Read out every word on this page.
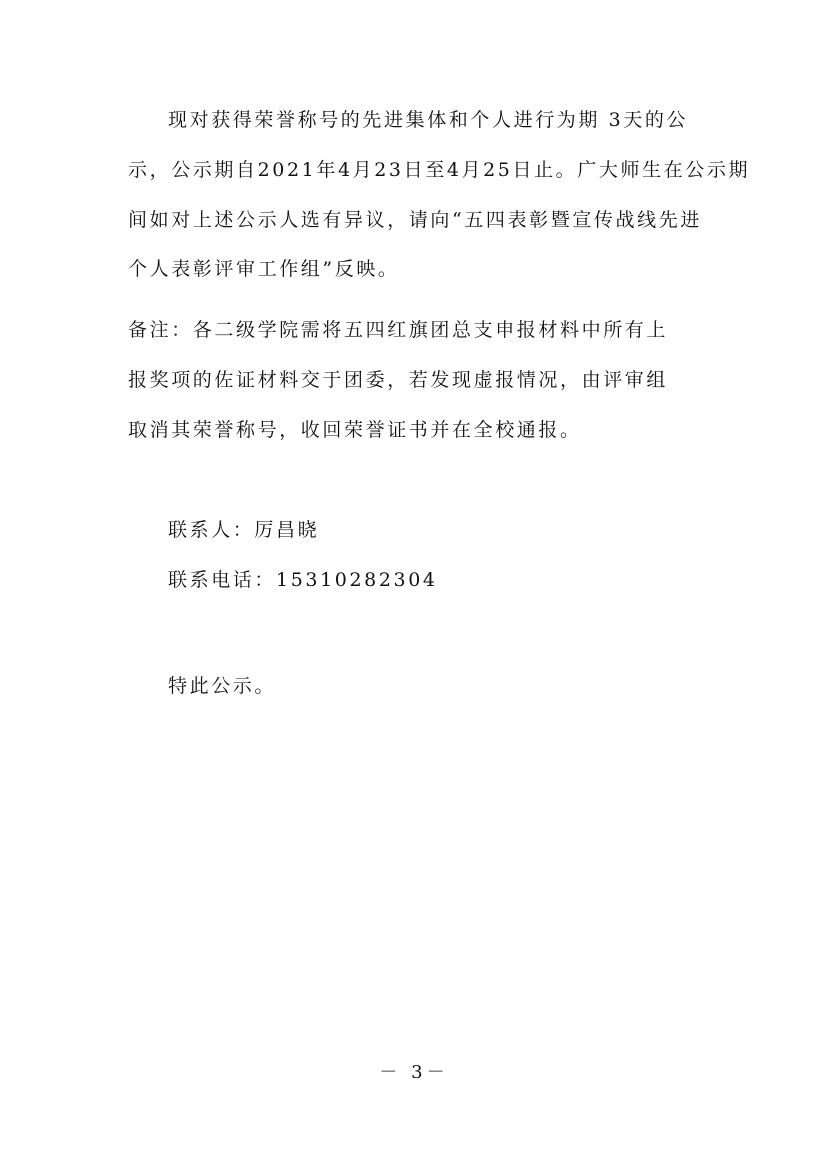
现对获得荣誉称号的先进集体和个人进行为期 3天的公
示，公示期自2021年4月23日至4月25日止。广大师生在公示期
间如对上述公示人选有异议，请向“五四表彰暨宣传战线先进
个人表彰评审工作组”反映。
备注：各二级学院需将五四红旗团总支申报材料中所有上
报奖项的佐证材料交于团委，若发现虚报情况，由评审组
取消其荣誉称号，收回荣誉证书并在全校通报。
联系人：厉昌晓
联系电话：15310282304
特此公示。
－ 3－
